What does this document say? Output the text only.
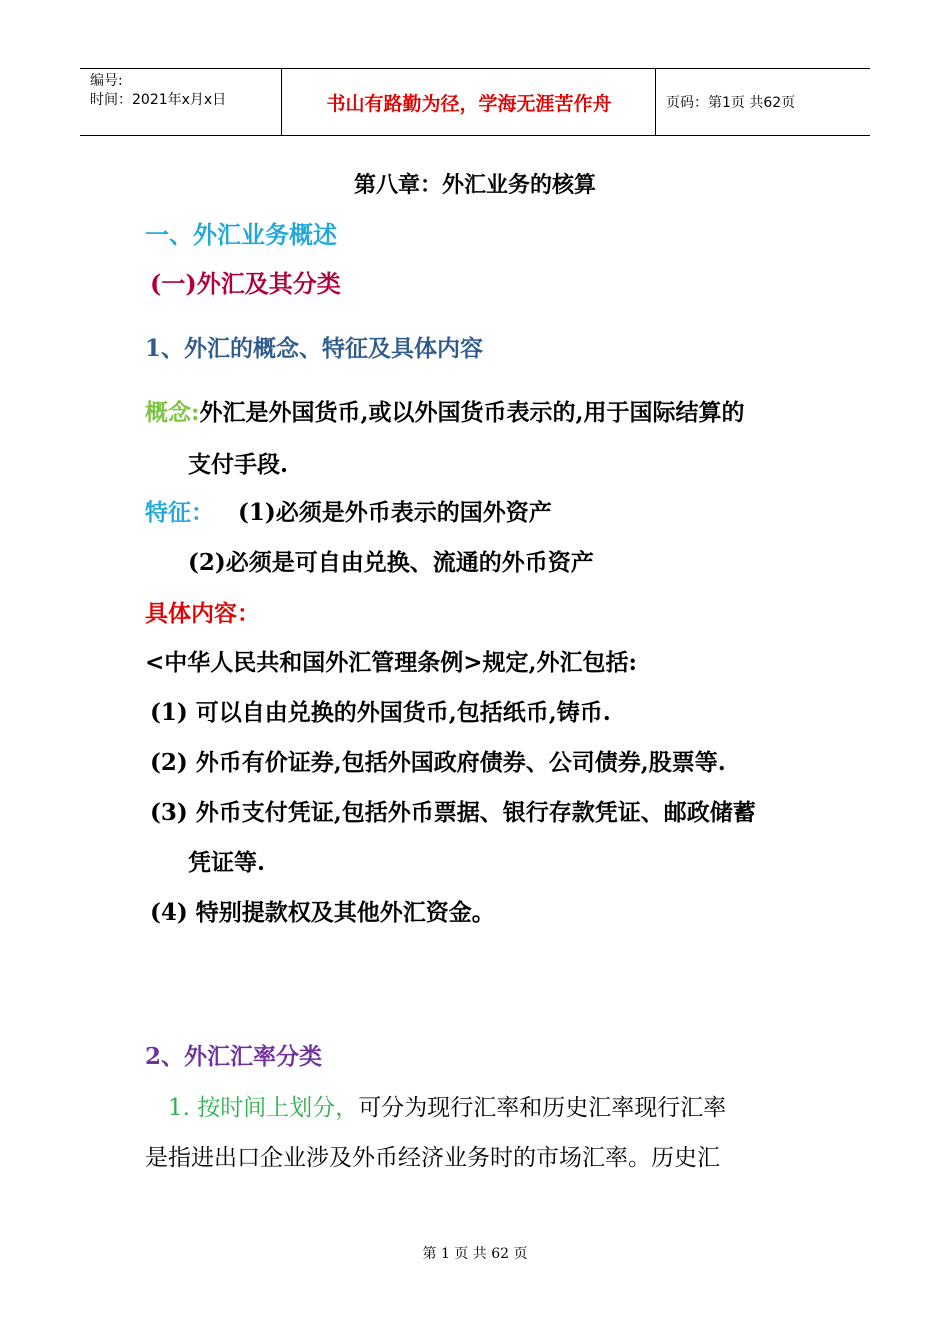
编号:
时间：2021年x月x日	书山有路勤为径，学海无涯苦作舟	页码：第1页 共62页
第八章：外汇业务的核算
一、外汇业务概述
(一)外汇及其分类
1、外汇的概念、特征及具体内容
概念:外汇是外国货币,或以外国货币表示的,用于国际结算的
支付手段.
特征： (1)必须是外币表示的国外资产
(2)必须是可自由兑换、流通的外币资产
具体内容：
<中华人民共和国外汇管理条例>规定,外汇包括:
(1) 可以自由兑换的外国货币,包括纸币,铸币.
(2) 外币有价证券,包括外国政府债券、公司债券,股票等.
(3) 外币支付凭证,包括外币票据、银行存款凭证、邮政储蓄
凭证等.
(4) 特别提款权及其他外汇资金。
2、外汇汇率分类
1. 按时间上划分，可分为现行汇率和历史汇率现行汇率
是指进出口企业涉及外币经济业务时的市场汇率。历史汇
第 1 页 共 62 页
